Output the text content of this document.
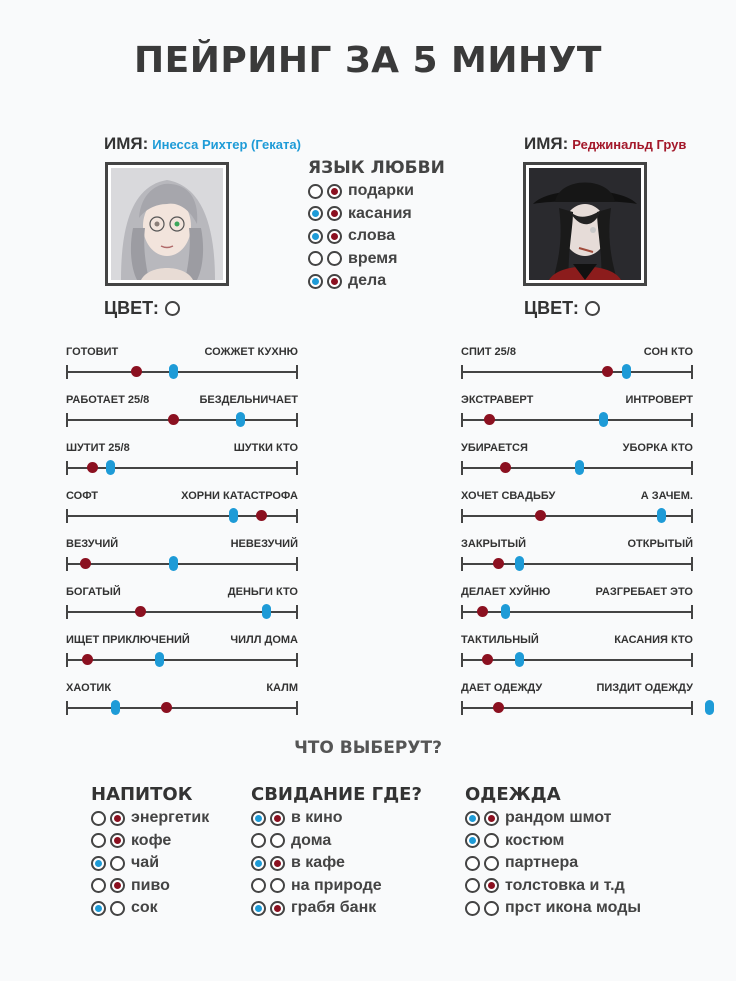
ПЕЙРИНГ ЗА 5 МИНУТ
ИМЯ: Инесса Рихтер (Геката)
ЦВЕТ:
ИМЯ: Реджинальд Грув
ЦВЕТ:
ЯЗЫК ЛЮБВИ
подарки
касания
слова
время
дела
ГОТОВИТ	СОЖЖЕТ КУХНЮ
РАБОТАЕТ 25/8	БЕЗДЕЛЬНИЧАЕТ
ШУТИТ 25/8	ШУТКИ КТО
СОФТ	ХОРНИ КАТАСТРОФА
ВЕЗУЧИЙ	НЕВЕЗУЧИЙ
БОГАТЫЙ	ДЕНЬГИ КТО
ИЩЕТ ПРИКЛЮЧЕНИЙ	ЧИЛЛ ДОМА
ХАОТИК	КАЛМ
СПИТ 25/8	СОН КТО
ЭКСТРАВЕРТ	ИНТРОВЕРТ
УБИРАЕТСЯ	УБОРКА КТО
ХОЧЕТ СВАДЬБУ	А ЗАЧЕМ.
ЗАКРЫТЫЙ	ОТКРЫТЫЙ
ДЕЛАЕТ ХУЙНЮ	РАЗГРЕБАЕТ ЭТО
ТАКТИЛЬНЫЙ	КАСАНИЯ КТО
ДАЕТ ОДЕЖДУ	ПИЗДИТ ОДЕЖДУ
ЧТО ВЫБЕРУТ?
НАПИТОК
энергетик
кофе
чай
пиво
сок
СВИДАНИЕ ГДЕ?
в кино
дома
в кафе
на природе
грабя банк
ОДЕЖДА
рандом шмот
костюм
партнера
толстовка и т.д
прст икона моды
